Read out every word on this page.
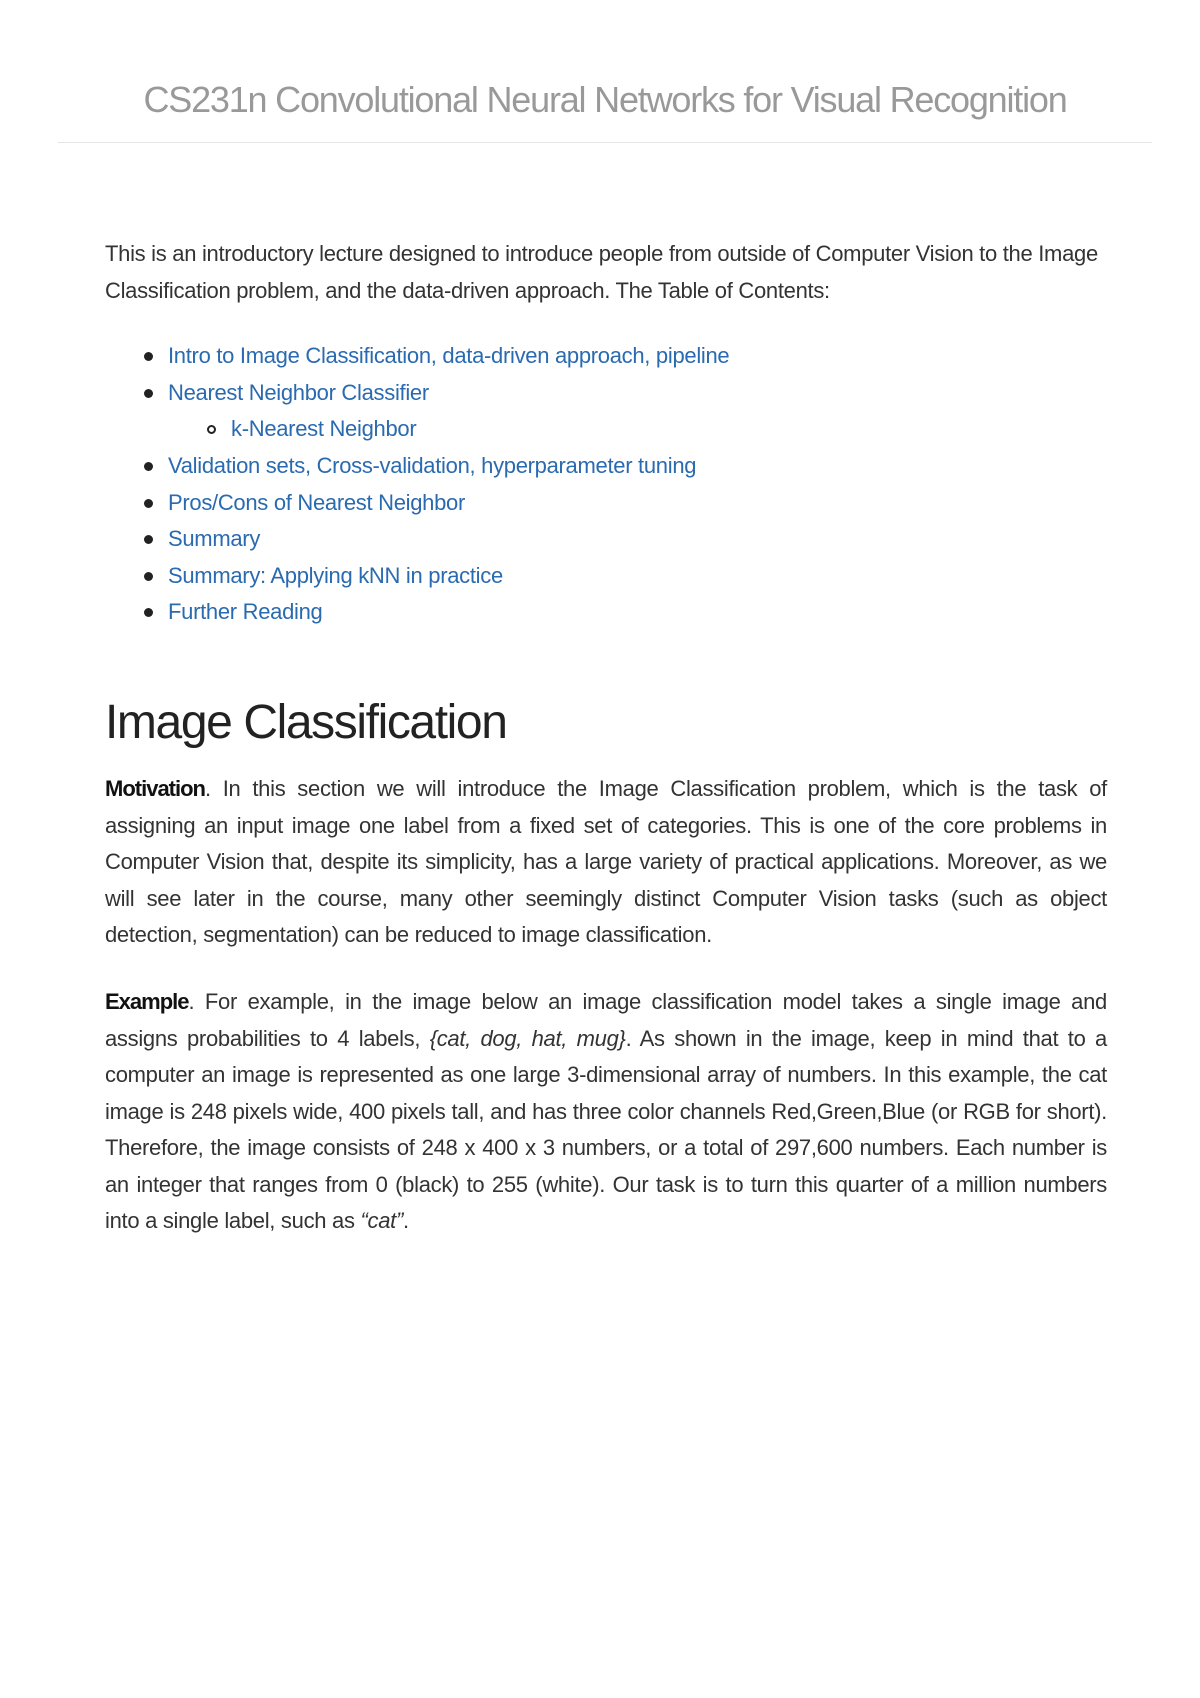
CS231n Convolutional Neural Networks for Visual Recognition

This is an introductory lecture designed to introduce people from outside of Computer Vision to the Image Classification problem, and the data-driven approach. The Table of Contents:

Intro to Image Classification, data-driven approach, pipeline
Nearest Neighbor Classifier
k-Nearest Neighbor
Validation sets, Cross-validation, hyperparameter tuning
Pros/Cons of Nearest Neighbor
Summary
Summary: Applying kNN in practice
Further Reading
Image Classification

Motivation. In this section we will introduce the Image Classification problem, which is the task of assigning an input image one label from a fixed set of categories. This is one of the core problems in Computer Vision that, despite its simplicity, has a large variety of practical applications. Moreover, as we will see later in the course, many other seemingly distinct Computer Vision tasks (such as object detection, segmentation) can be reduced to image classification.

Example. For example, in the image below an image classification model takes a single image and assigns probabilities to 4 labels, {cat, dog, hat, mug}. As shown in the image, keep in mind that to a computer an image is represented as one large 3-dimensional array of numbers. In this example, the cat image is 248 pixels wide, 400 pixels tall, and has three color channels Red,Green,Blue (or RGB for short). Therefore, the image consists of 248 x 400 x 3 numbers, or a total of 297,600 numbers. Each number is an integer that ranges from 0 (black) to 255 (white). Our task is to turn this quarter of a million numbers into a single label, such as “cat”.
